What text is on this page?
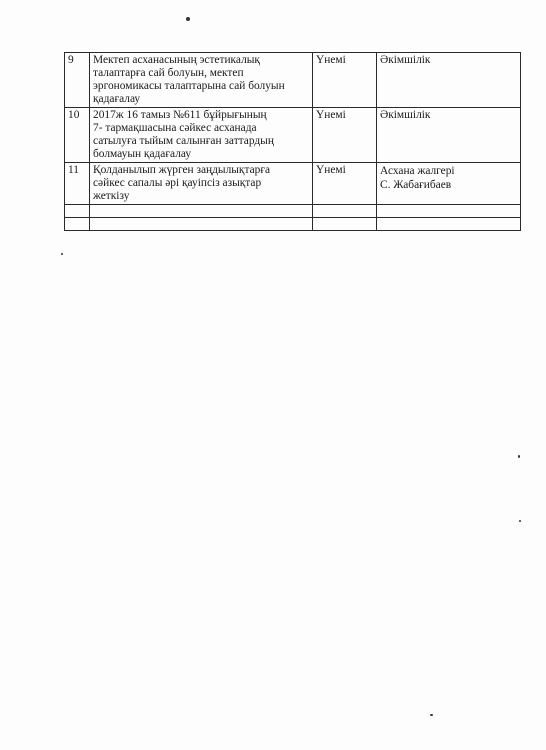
9	Мектеп асханасының эстетикалық
талаптарға сай болуын, мектеп
эргономикасы талаптарына сай болуын
қадағалау	Үнемі	Әкімшілік

10	2017ж 16 тамыз №611 бұйрығының
7- тармақшасына сәйкес асханада
сатылуға тыйым салынған заттардың
болмауын қадағалау	Үнемі	Әкімшілік

11	Қолданылып жүрген заңдылықтарға
сәйкес сапалы әрі қауіпсіз азықтар
жеткізу	Үнемі	Асхана жалгері
С. Жабағибаев
